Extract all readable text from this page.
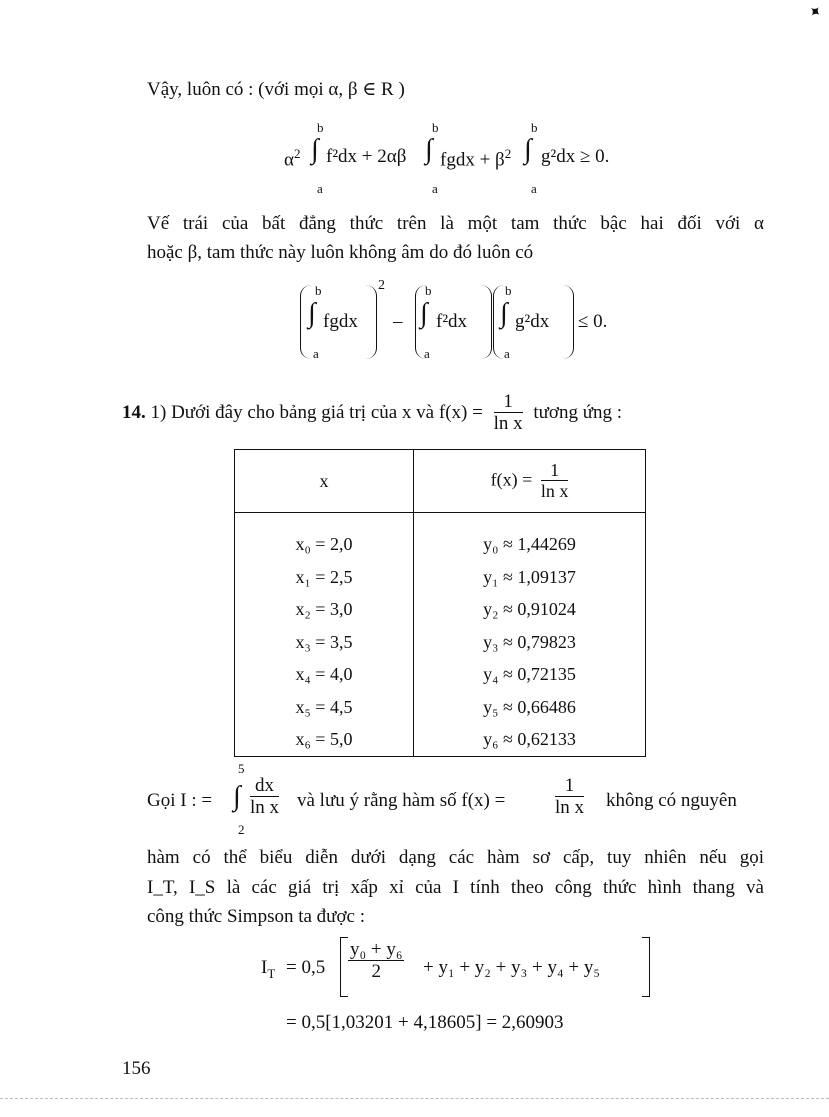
✦
Vậy, luôn có : (với mọi α, β ∈ R )
$\alpha^2$
b
∫
a
f²dx + 2αβ
b
∫
a
fgdx + $\beta^2$
b
∫
a
g²dx ≥ 0.
Vế trái của bất đẳng thức trên là một tam thức bậc hai đối với α
hoặc β, tam thức này luôn không âm do đó luôn có
b
∫
a
fgdx
2
–
b
∫
a
f²dx
b
∫
a
g²dx ≤ 0.
14. 1) Dưới đây cho bảng giá trị của x và $f(x) = \frac{1}{\text{ln x}}$ tương ứng :
x	$f(x) = \frac{1}{\text{ln x}}$

x₀ = 2,0	y₀ ≈ 1,44269
x₁ = 2,5	y₁ ≈ 1,09137
x₂ = 3,0	y₂ ≈ 0,91024
x₃ = 3,5	y₃ ≈ 0,79823
x₄ = 4,0	y₄ ≈ 0,72135
x₅ = 4,5	y₅ ≈ 0,66486
x₆ = 5,0	y₆ ≈ 0,62133
Gọi I : =
5
∫
2
$\frac{dx}{\text{ln x}}$ và lưu ý rằng hàm số f(x) =	$\frac{1}{\text{ln x}}$ không có nguyên
hàm có thể biểu diễn dưới dạng các hàm sơ cấp, tuy nhiên nếu gọi
I_T, I_S là các giá trị xấp xỉ của I tính theo công thức hình thang và
công thức Simpson ta được :
$I_T = 0,5 \frac{\text{y₀ + y₆}}{2} + y_1 + y_2 + y_3 + y_4 + y_5$
= 0,5[1,03201 + 4,18605] = 2,60903
156
